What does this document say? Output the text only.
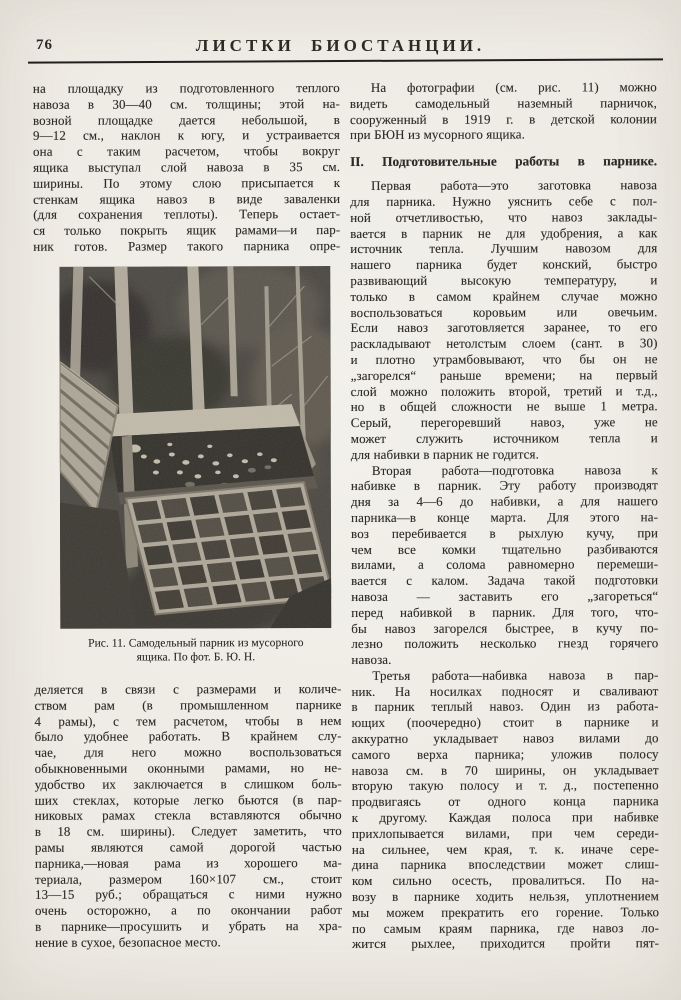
76	ЛИСТКИ БИОСТАНЦИИ.
на площадку из подготовленного теплого
навоза в 30—40 см. толщины; этой на-
возной площадке дается небольшой, в
9—12 см., наклон к югу, и устраивается
она с таким расчетом, чтобы вокруг
ящика выступал слой навоза в 35 см.
ширины. По этому слою присыпается к
стенкам ящика навоз в виде заваленки
(для сохранения теплоты). Теперь остает-
ся только покрыть ящик рамами—и пар-
ник готов. Размер такого парника опре-
Рис. 11. Самодельный парник из мусорного
ящика. По фот. Б. Ю. Н.
деляется в связи с размерами и количе-
ством рам (в промышленном парнике
4 рамы), с тем расчетом, чтобы в нем
было удобнее работать. В крайнем слу-
чае, для него можно воспользоваться
обыкновенными оконными рамами, но не-
удобство их заключается в слишком боль-
ших стеклах, которые легко бьются (в пар-
никовых рамах стекла вставляются обычно
в 18 см. ширины). Следует заметить, что
рамы являются самой дорогой частью
парника,—новая рама из хорошего ма-
териала, размером 160×107 см., стоит
13—15 руб.; обращаться с ними нужно
очень осторожно, а по окончании работ
в парнике—просушить и убрать на хра-
нение в сухое, безопасное место.
На фотографии (см. рис. 11) можно
видеть самодельный наземный парничок,
сооруженный в 1919 г. в детской колонии
при БЮН из мусорного ящика.
II. Подготовительные работы в парнике.
Первая работа—это заготовка навоза
для парника. Нужно уяснить себе с пол-
ной отчетливостью, что навоз заклады-
вается в парник не для удобрения, а как
источник тепла. Лучшим навозом для
нашего парника будет конский, быстро
развивающий высокую температуру, и
только в самом крайнем случае можно
воспользоваться коровьим или овечьим.
Если навоз заготовляется заранее, то его
раскладывают нетолстым слоем (сант. в 30)
и плотно утрамбовывают, что бы он не
„загорелся“ раньше времени; на первый
слой можно положить второй, третий и т.д.,
но в общей сложности не выше 1 метра.
Серый, перегоревший навоз, уже не
может служить источником тепла и
для набивки в парник не годится.
Вторая работа—подготовка навоза к
набивке в парник. Эту работу производят
дня за 4—6 до набивки, а для нашего
парника—в конце марта. Для этого на-
воз перебивается в рыхлую кучу, при
чем все комки тщательно разбиваются
вилами, а солома равномерно перемеши-
вается с калом. Задача такой подготовки
навоза — заставить его „загореться“
перед набивкой в парник. Для того, что-
бы навоз загорелся быстрее, в кучу по-
лезно положить несколько гнезд горячего
навоза.
Третья работа—набивка навоза в пар-
ник. На носилках подносят и сваливают
в парник теплый навоз. Один из работа-
ющих (поочередно) стоит в парнике и
аккуратно укладывает навоз вилами до
самого верха парника; уложив полосу
навоза см. в 70 ширины, он укладывает
вторую такую полосу и т. д., постепенно
продвигаясь от одного конца парника
к другому. Каждая полоса при набивке
прихлопывается вилами, при чем середи-
на сильнее, чем края, т. к. иначе сере-
дина парника впоследствии может слиш-
ком сильно осесть, провалиться. По на-
возу в парнике ходить нельзя, уплотнением
мы можем прекратить его горение. Только
по самым краям парника, где навоз ло-
жится рыхлее, приходится пройти пят-
